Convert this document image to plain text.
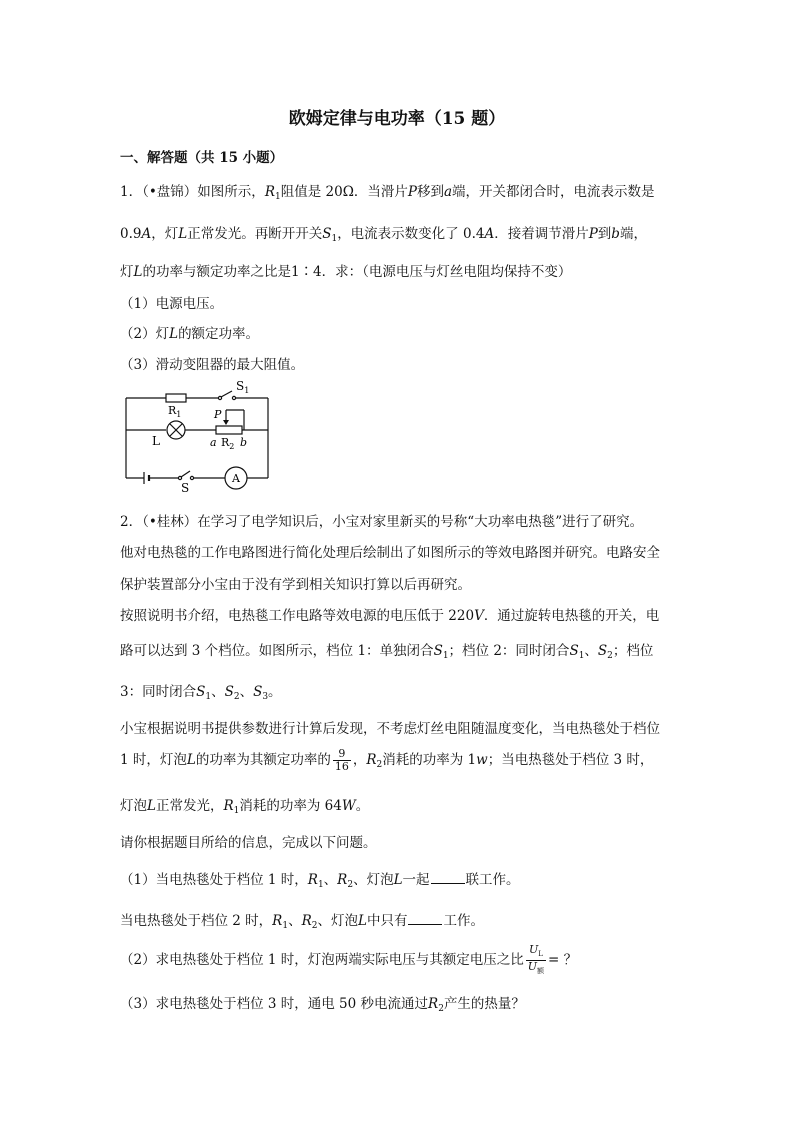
欧姆定律与电功率（15 题）
一、解答题（共 15 小题）
1．（•盘锦）如图所示，$R_1$阻值是 20Ω．当滑片P移到a端，开关都闭合时，电流表示数是
0.9A，灯L正常发光。再断开开关$S_1$，电流表示数变化了 0.4A．接着调节滑片P到b端，
灯L的功率与额定功率之比是1∶4．求：（电源电压与灯丝电阻均保持不变）
（1）电源电压。
（2）灯L的额定功率。
（3）滑动变阻器的最大阻值。
$S_1$
$R_1$	P
L	a $R_2$ b
S
A
2．（•桂林）在学习了电学知识后，小宝对家里新买的号称“大功率电热毯”进行了研究。
他对电热毯的工作电路图进行简化处理后绘制出了如图所示的等效电路图并研究。电路安全
保护装置部分小宝由于没有学到相关知识打算以后再研究。
按照说明书介绍，电热毯工作电路等效电源的电压低于 220V．通过旋转电热毯的开关，电
路可以达到 3 个档位。如图所示，档位 1：单独闭合$S_1$；档位 2：同时闭合$S_1$、$S_2$；档位
3：同时闭合$S_1$、$S_2$、$S_3$。
小宝根据说明书提供参数进行计算后发现，不考虑灯丝电阻随温度变化，当电热毯处于档位
1 时，灯泡L的功率为其额定功率的 $\frac{9}{16}$ ，$R_2$消耗的功率为 1w；当电热毯处于档位 3 时，
灯泡L正常发光，$R_1$消耗的功率为 64W。
请你根据题目所给的信息，完成以下问题。
（1）当电热毯处于档位 1 时，$R_1$、$R_2$、灯泡L一起	联工作。
当电热毯处于档位 2 时，$R_1$、$R_2$、灯泡L中只有	工作。
（2）求电热毯处于档位 1 时，灯泡两端实际电压与其额定电压之比 $\frac{U_L}{U_额}$ = ？
（3）求电热毯处于档位 3 时，通电 50 秒电流通过$R_2$产生的热量？
